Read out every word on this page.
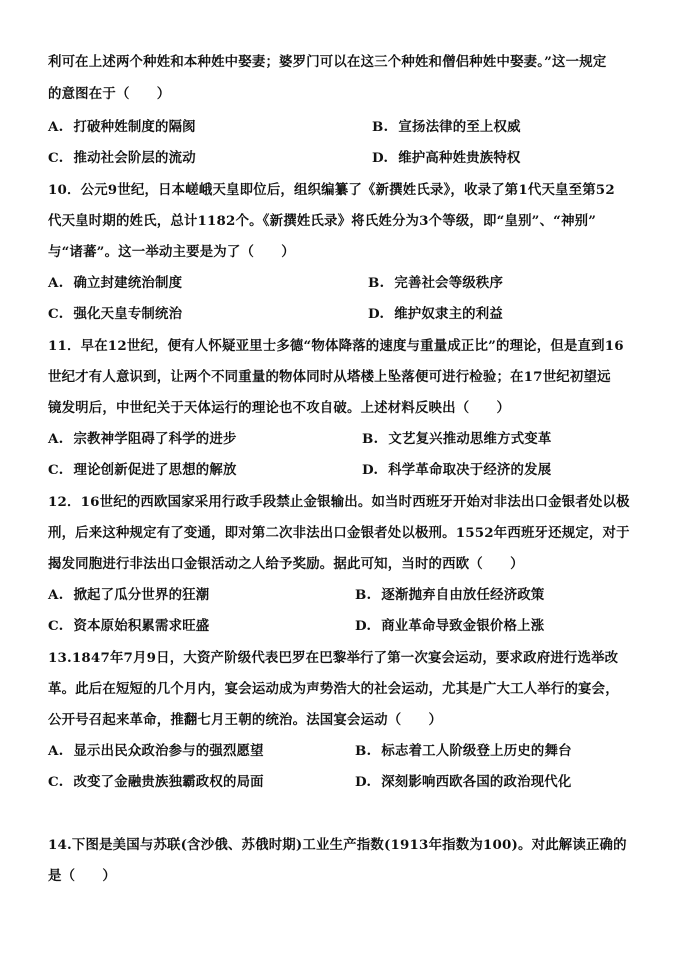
利可在上述两个种姓和本种姓中娶妻；婆罗门可以在这三个种姓和僧侣种姓中娶妻。”这一规定
的意图在于（　　）
A. 打破种姓制度的隔阂	B. 宣扬法律的至上权威
C. 推动社会阶层的流动	D. 维护高种姓贵族特权
10．公元9世纪，日本嵯峨天皇即位后，组织编纂了《新撰姓氏录》，收录了第1代天皇至第52
代天皇时期的姓氏，总计1182个。《新撰姓氏录》将氏姓分为3个等级，即“皇别”、“神别”
与“诸蕃”。这一举动主要是为了（　　）
A. 确立封建统治制度	B. 完善社会等级秩序
C. 强化天皇专制统治	D. 维护奴隶主的利益
11．早在12世纪，便有人怀疑亚里士多德“物体降落的速度与重量成正比”的理论，但是直到16
世纪才有人意识到，让两个不同重量的物体同时从塔楼上坠落便可进行检验；在17世纪初望远
镜发明后，中世纪关于天体运行的理论也不攻自破。上述材料反映出（　　）
A. 宗教神学阻碍了科学的进步	B. 文艺复兴推动思维方式变革
C. 理论创新促进了思想的解放	D. 科学革命取决于经济的发展
12．16世纪的西欧国家采用行政手段禁止金银输出。如当时西班牙开始对非法出口金银者处以极
刑，后来这种规定有了变通，即对第二次非法出口金银者处以极刑。1552年西班牙还规定，对于
揭发同胞进行非法出口金银活动之人给予奖励。据此可知，当时的西欧（　　）
A. 掀起了瓜分世界的狂潮	B. 逐渐抛弃自由放任经济政策
C. 资本原始积累需求旺盛	D. 商业革命导致金银价格上涨
13.1847年7月9日，大资产阶级代表巴罗在巴黎举行了第一次宴会运动，要求政府进行选举改
革。此后在短短的几个月内，宴会运动成为声势浩大的社会运动，尤其是广大工人举行的宴会，
公开号召起来革命，推翻七月王朝的统治。法国宴会运动（　　）
A. 显示出民众政治参与的强烈愿望	B. 标志着工人阶级登上历史的舞台
C. 改变了金融贵族独霸政权的局面	D. 深刻影响西欧各国的政治现代化
14.下图是美国与苏联(含沙俄、苏俄时期)工业生产指数(1913年指数为100)。对此解读正确的
是（　　）
